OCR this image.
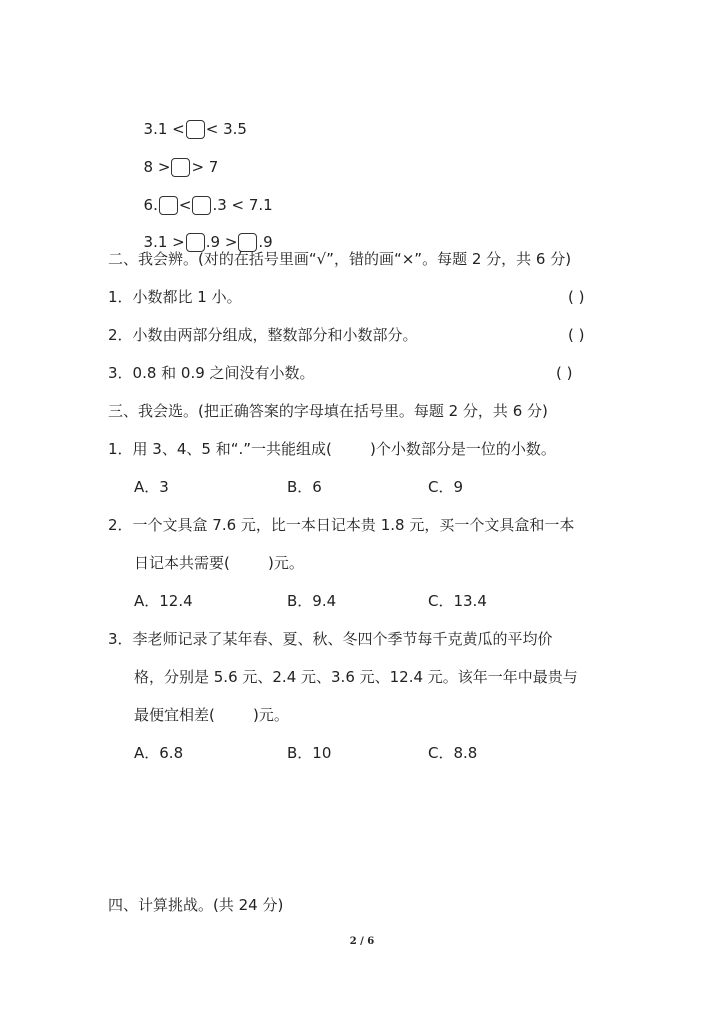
3.1 < < 3.5

8 > > 7

6. < .3 < 7.1

3.1 > .9 > .9

二、我会辨。(对的在括号里画“√”，错的画“×”。每题 2 分，共 6 分)
1．小数都比 1 小。	( )
2．小数由两部分组成，整数部分和小数部分。	( )
3．0.8 和 0.9 之间没有小数。	( )
三、我会选。(把正确答案的字母填在括号里。每题 2 分，共 6 分)
1．用 3、4、5 和“.”一共能组成(        )个小数部分是一位的小数。
A．3	B．6	C．9
2．一个文具盒 7.6 元，比一本日记本贵 1.8 元，买一个文具盒和一本
日记本共需要(        )元。
A．12.4	B．9.4	C．13.4
3．李老师记录了某年春、夏、秋、冬四个季节每千克黄瓜的平均价
格，分别是 5.6 元、2.4 元、3.6 元、12.4 元。该年一年中最贵与
最便宜相差(        )元。
A．6.8	B．10	C．8.8
四、计算挑战。(共 24 分)
2 / 6
